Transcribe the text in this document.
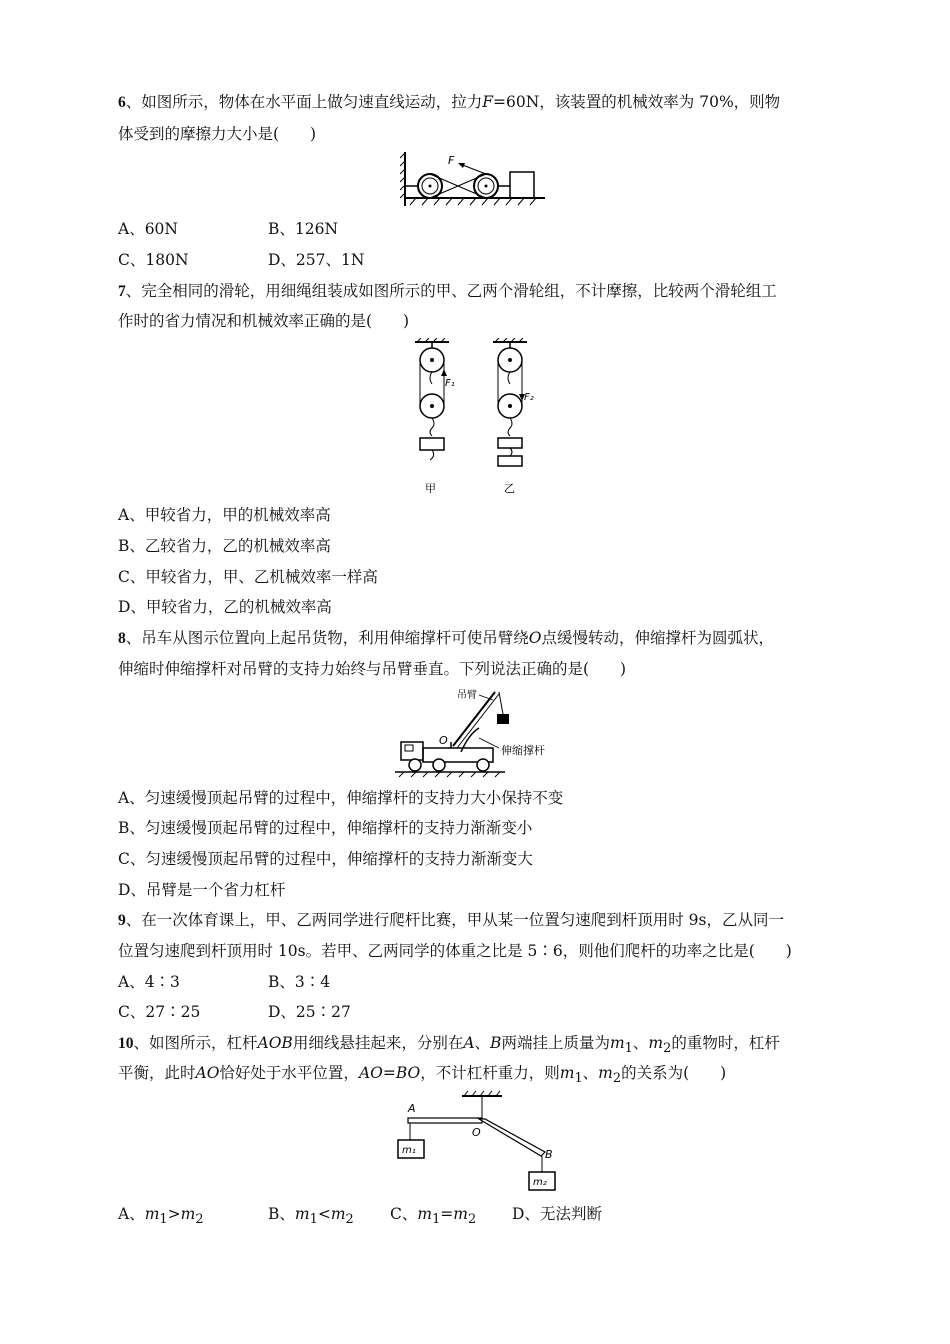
6、如图所示，物体在水平面上做匀速直线运动，拉力F=60N，该装置的机械效率为 70%，则物
体受到的摩擦力大小是(　　)
F
A、60N	B、126N
C、180N	D、257、1N
7、完全相同的滑轮，用细绳组装成如图所示的甲、乙两个滑轮组，不计摩擦，比较两个滑轮组工
作时的省力情况和机械效率正确的是(　　)
F₁
甲
F₂
乙
A、甲较省力，甲的机械效率高
B、乙较省力，乙的机械效率高
C、甲较省力，甲、乙机械效率一样高
D、甲较省力，乙的机械效率高
8、吊车从图示位置向上起吊货物，利用伸缩撑杆可使吊臂绕O点缓慢转动，伸缩撑杆为圆弧状，
伸缩时伸缩撑杆对吊臂的支持力始终与吊臂垂直。下列说法正确的是(　　)
吊臂
O
伸缩撑杆
A、匀速缓慢顶起吊臂的过程中，伸缩撑杆的支持力大小保持不变
B、匀速缓慢顶起吊臂的过程中，伸缩撑杆的支持力渐渐变小
C、匀速缓慢顶起吊臂的过程中，伸缩撑杆的支持力渐渐变大
D、吊臂是一个省力杠杆
9、在一次体育课上，甲、乙两同学进行爬杆比赛，甲从某一位置匀速爬到杆顶用时 9s，乙从同一
位置匀速爬到杆顶用时 10s。若甲、乙两同学的体重之比是 5∶6，则他们爬杆的功率之比是(　　)
A、4∶3	B、3∶4
C、27∶25	D、25∶27
10、如图所示，杠杆AOB用细线悬挂起来，分别在A、B两端挂上质量为$m_1$、$m_2$的重物时，杠杆
平衡，此时AO恰好处于水平位置，AO=BO，不计杠杆重力，则$m_1$、$m_2$的关系为(　　)
A
O
B
m₁
m₂
A、$m_1>m_2$	B、$m_1<m_2$ C、$m_1=m_2$ D、无法判断
